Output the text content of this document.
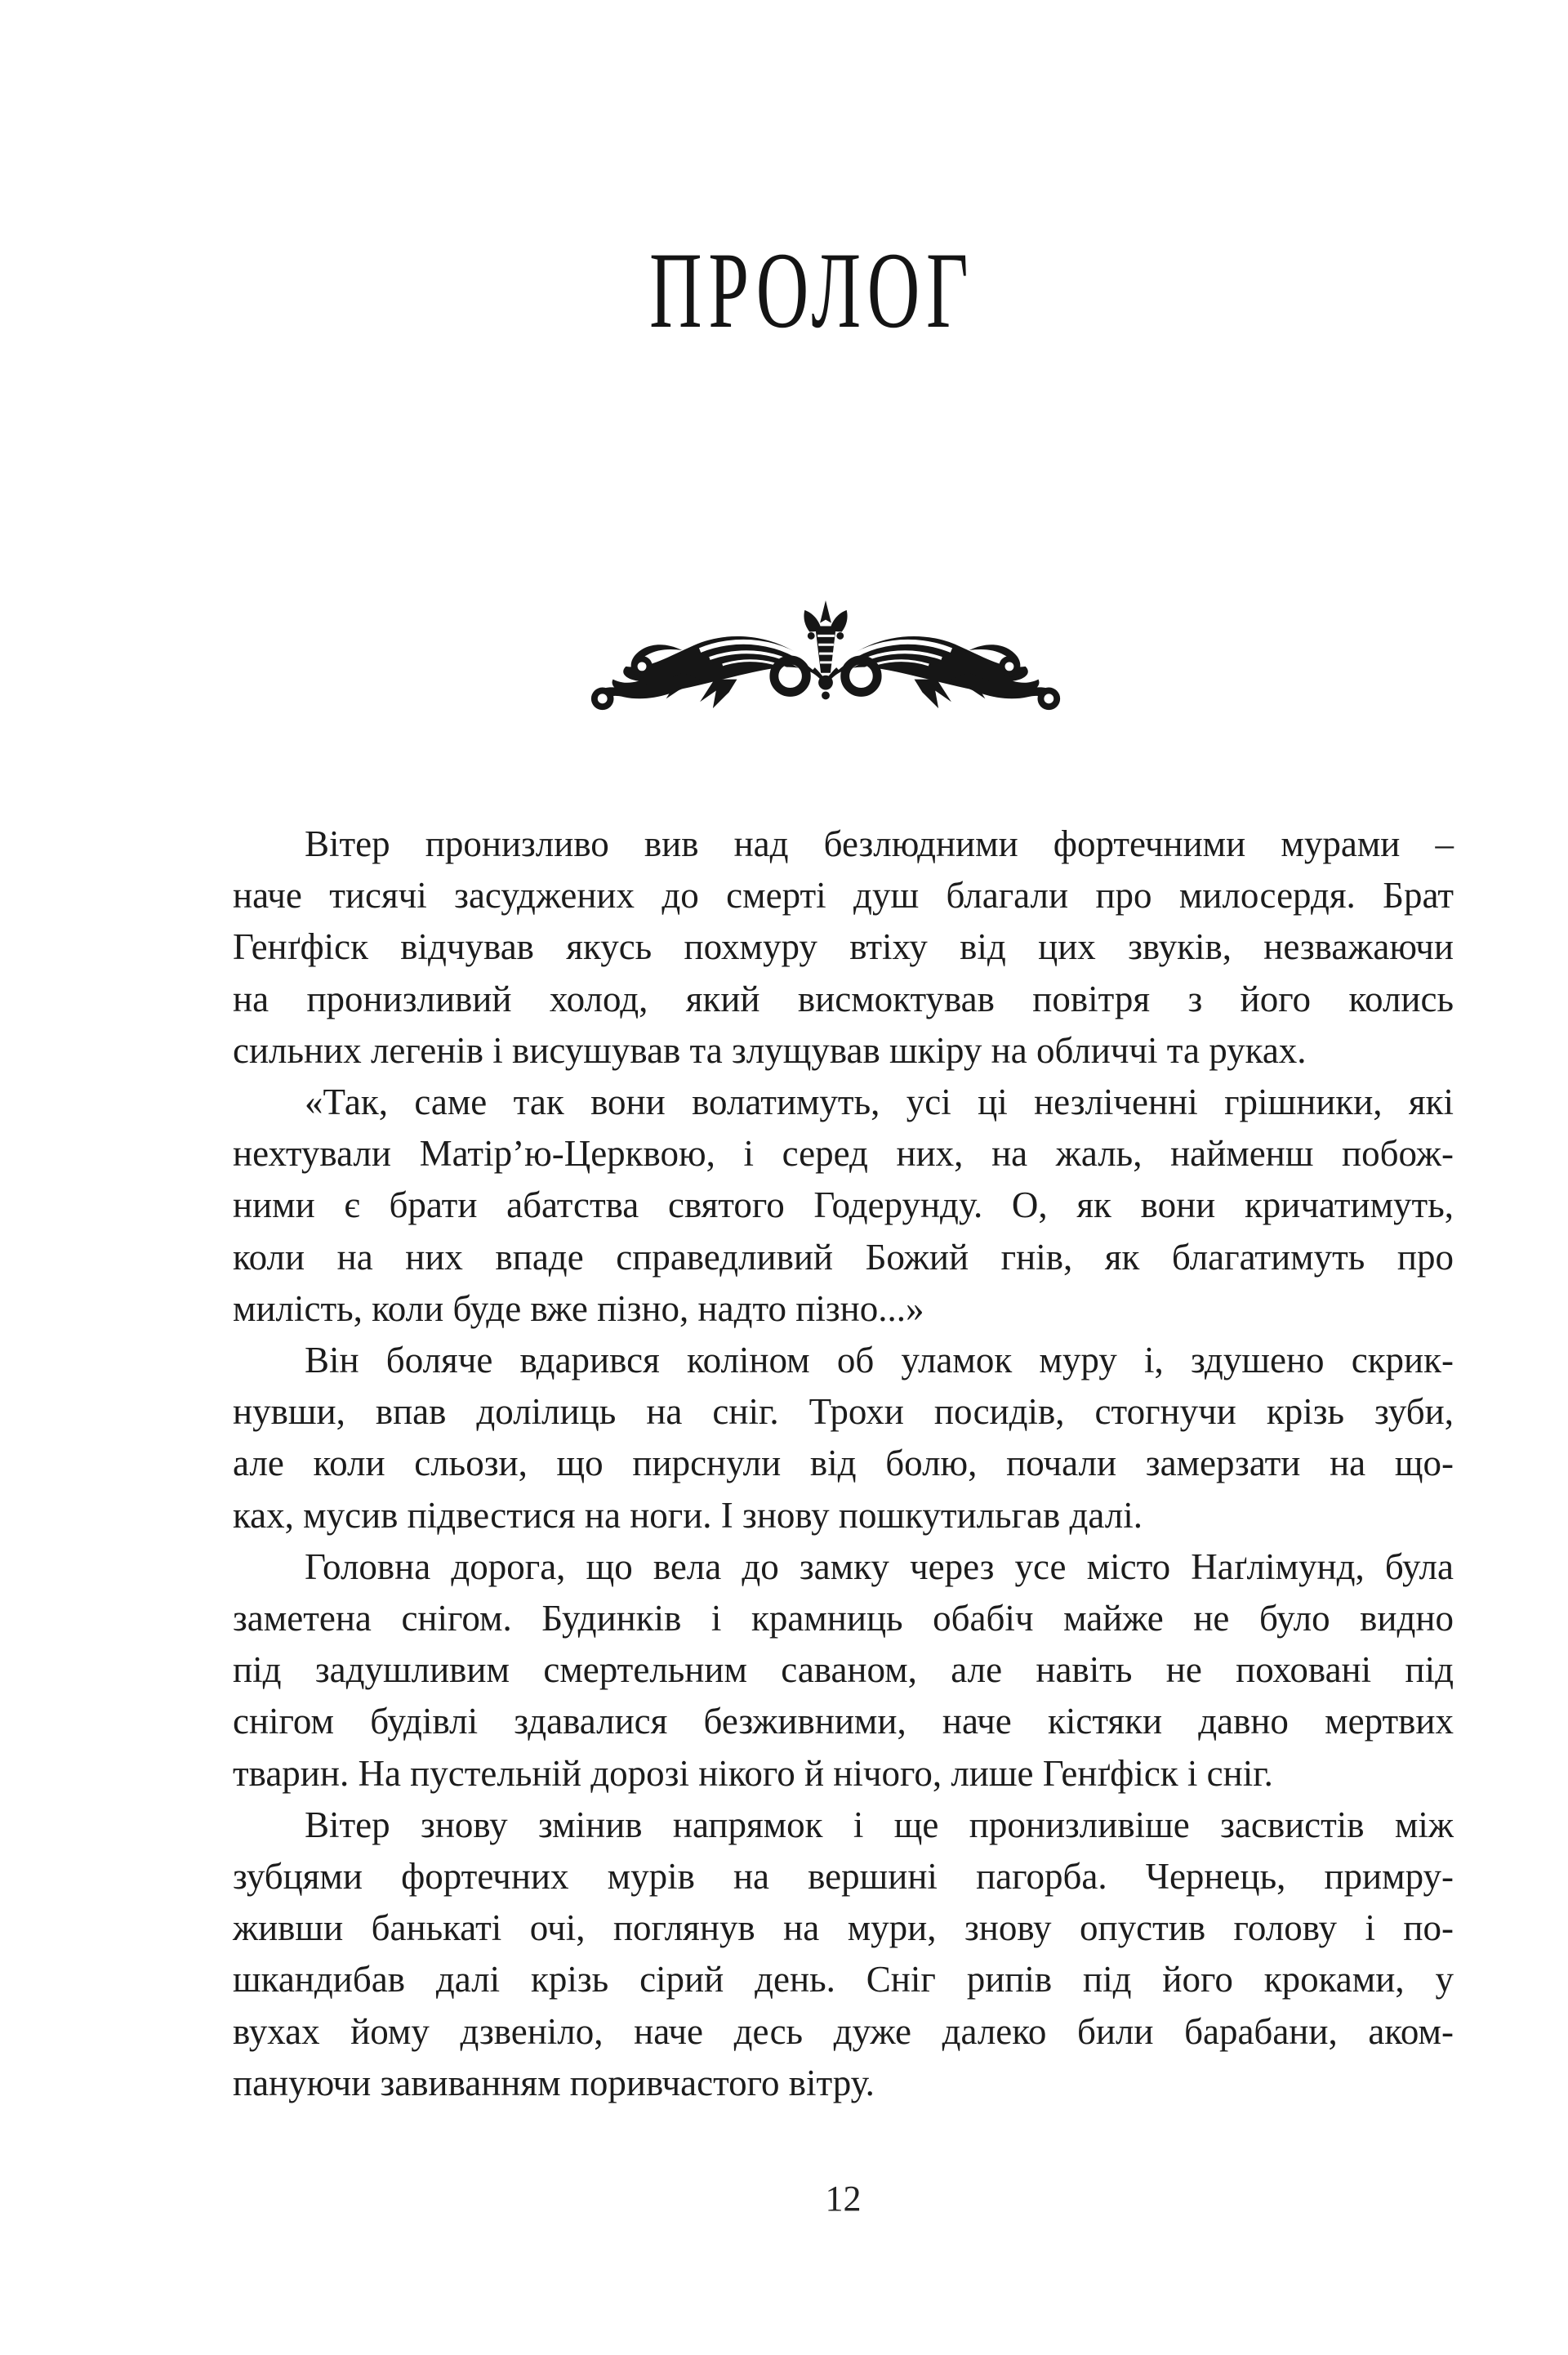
ПРОЛОГ

Вітер пронизливо вив над безлюдними фортечними мурами –
наче тисячі засуджених до смерті душ благали про милосердя. Брат
Генґфіск відчував якусь похмуру втіху від цих звуків, незважаючи
на пронизливий холод, який висмоктував повітря з його колись
сильних легенів і висушував та злущував шкіру на обличчі та руках.

«Так, саме так вони волатимуть, усі ці незліченні грішники, які
нехтували Матір’ю-Церквою, і серед них, на жаль, найменш побож-
ними є брати абатства святого Годерунду. О, як вони кричатимуть,
коли на них впаде справедливий Божий гнів, як благатимуть про
милість, коли буде вже пізно, надто пізно...»

Він боляче вдарився коліном об уламок муру і, здушено скрик-
нувши, впав долілиць на сніг. Трохи посидів, стогнучи крізь зуби,
але коли сльози, що пирснули від болю, почали замерзати на що-
ках, мусив підвестися на ноги. І знову пошкутильгав далі.

Головна дорога, що вела до замку через усе місто Наґлімунд, була
заметена снігом. Будинків і крамниць обабіч майже не було видно
під задушливим смертельним саваном, але навіть не поховані під
снігом будівлі здавалися безживними, наче кістяки давно мертвих
тварин. На пустельній дорозі нікого й нічого, лише Генґфіск і сніг.

Вітер знову змінив напрямок і ще пронизливіше засвистів між
зубцями фортечних мурів на вершині пагорба. Чернець, примру-
живши банькаті очі, поглянув на мури, знову опустив голову і по-
шкандибав далі крізь сірий день. Сніг рипів під його кроками, у
вухах йому дзвеніло, наче десь дуже далеко били барабани, аком-
пануючи завиванням поривчастого вітру.

12
